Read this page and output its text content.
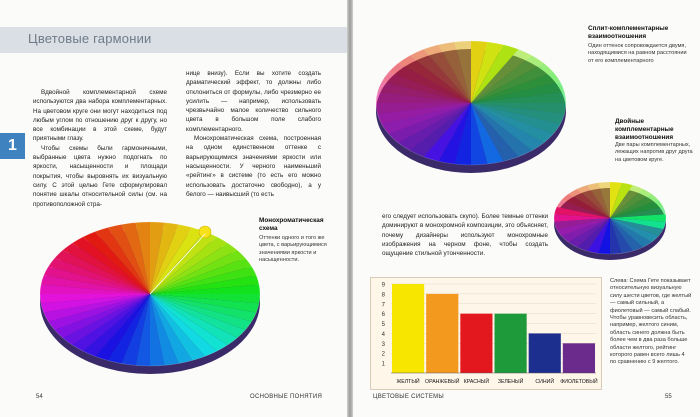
Цветовые гармонии
1

Вдвойной комплементарной схеме используются два набора комплементарных. На цветовом круге они могут находиться под любым углом по отношению друг к другу, но все комбинации в этой схеме, будут приятными глазу.

Чтобы схемы были гармоничными, выбранные цвета нужно подогнать по яркости, насыщенности и площади покрытия, чтобы выровнять их визуальную силу. С этой целью Гете сформулировал понятие шкалы относительной силы (см. на противоположной стра-

нице внизу). Если вы хотите создать драматический эффект, то должны либо отклониться от формулы, либо чрезмерно ее усилить — например, использовать чрезвычайно малое количество сильного цвета в большом поле слабого комплементарного.

Монохроматическая схема, построенная на одном единственном оттенке с варьирующимися значениями яркости или насыщенности. У черного наименьший «рейтинг» в системе (то есть его можно использовать достаточно свободно), а у белого — наивысший (то есть

Монохроматическая схема
Оттенки одного и того же цвета, с варьирующимися значениями яркости и насыщенности.
54	ОСНОВНЫЕ ПОНЯТИЯ
Сплит-комплементарные взаимоотношения
Один оттенок сопровождается двумя, находящимися на равном расстоянии от его комплементарного
Двойные комплементарные взаимоотношения
Две пары комплементарных, лежащих напротив друг друга на цветовом круге.

его следует использовать скупо). Более темные оттенки доминируют в монохромной композиции, это объясняет, почему дизайнеры используют монохромные изображения на черном фоне, чтобы создать ощущение стильной утонченности.

Слева: Схема Гете показывает относительную визуальную силу шести цветов, где желтый — самый сильный, а фиолетовый — самый слабый. Чтобы уравновесить область, например, желтого синим, область синего должна быть более чем в два раза больше области желтого, рейтинг которого равен всего лишь 4 по сравнению с 9 желтого.
55
ЦВЕТОВЫЕ СИСТЕМЫ
1
2
3
4
5
6
7
8
9
ЖЕЛТЫЙ ОРАНЖЕВЫЙ КРАСНЫЙ ЗЕЛЕНЫЙ СИНИЙ ФИОЛЕТОВЫЙ
